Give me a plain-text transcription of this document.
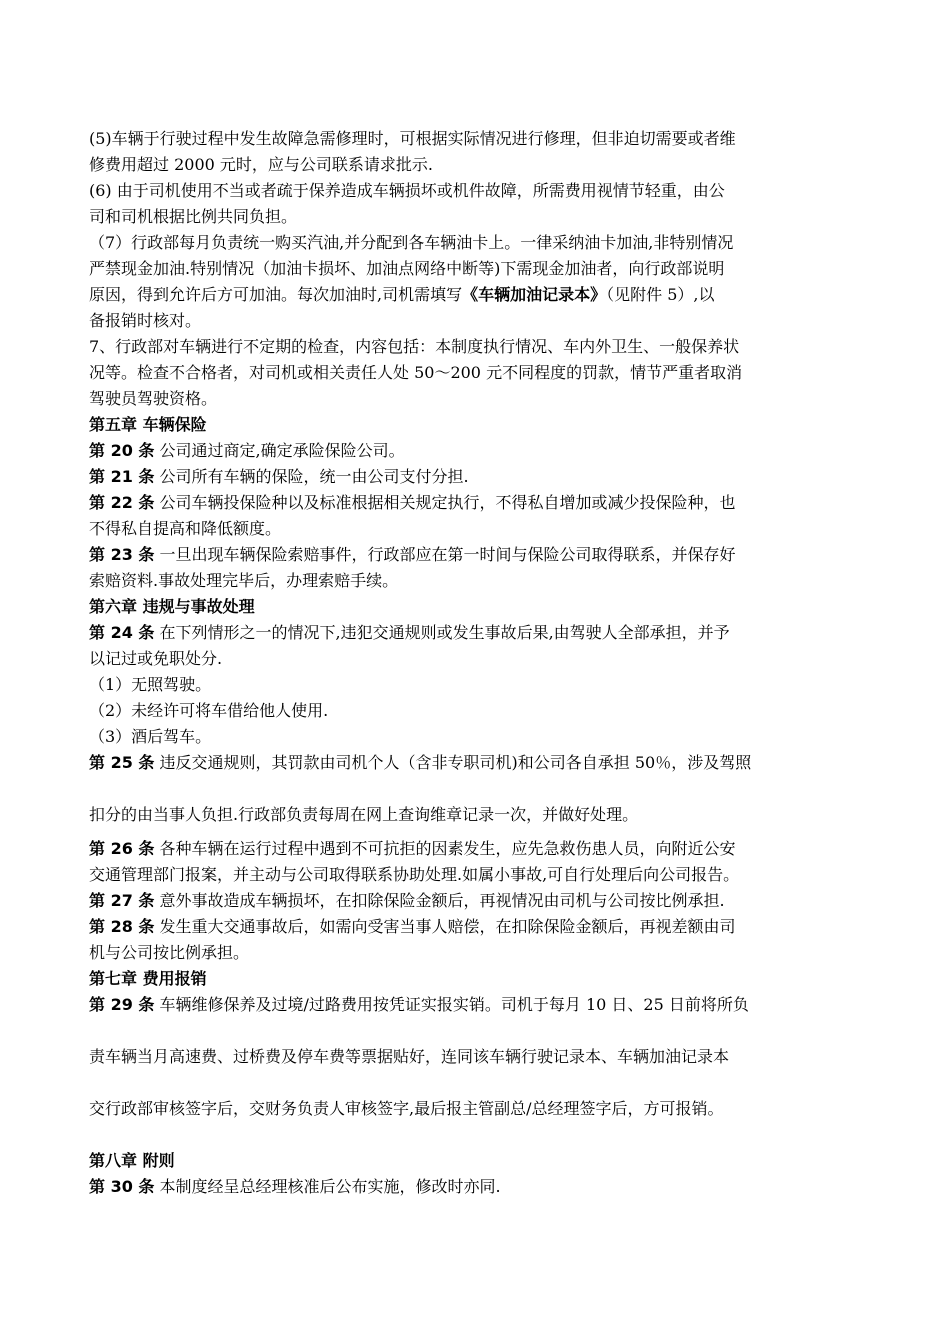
(5)车辆于行驶过程中发生故障急需修理时，可根据实际情况进行修理，但非迫切需要或者维
修费用超过 2000 元时，应与公司联系请求批示.
(6) 由于司机使用不当或者疏于保养造成车辆损坏或机件故障，所需费用视情节轻重，由公
司和司机根据比例共同负担。
（7）行政部每月负责统一购买汽油,并分配到各车辆油卡上。一律采纳油卡加油,非特别情况
严禁现金加油.特别情况（加油卡损坏、加油点网络中断等)下需现金加油者，向行政部说明
原因，得到允许后方可加油。每次加油时,司机需填写《车辆加油记录本》（见附件 5）,以
备报销时核对。
7、行政部对车辆进行不定期的检查，内容包括：本制度执行情况、车内外卫生、一般保养状
况等。检查不合格者，对司机或相关责任人处 50～200 元不同程度的罚款，情节严重者取消
驾驶员驾驶资格。
第五章 车辆保险
第 20 条 公司通过商定,确定承险保险公司。
第 21 条 公司所有车辆的保险，统一由公司支付分担.
第 22 条 公司车辆投保险种以及标准根据相关规定执行，不得私自增加或减少投保险种，也
不得私自提高和降低额度。
第 23 条 一旦出现车辆保险索赔事件，行政部应在第一时间与保险公司取得联系，并保存好
索赔资料.事故处理完毕后，办理索赔手续。
第六章 违规与事故处理
第 24 条 在下列情形之一的情况下,违犯交通规则或发生事故后果,由驾驶人全部承担，并予
以记过或免职处分.
（1）无照驾驶。
（2）未经许可将车借给他人使用.
（3）酒后驾车。
第 25 条 违反交通规则，其罚款由司机个人（含非专职司机)和公司各自承担 50％，涉及驾照
扣分的由当事人负担.行政部负责每周在网上查询维章记录一次，并做好处理。
第 26 条 各种车辆在运行过程中遇到不可抗拒的因素发生，应先急救伤患人员，向附近公安
交通管理部门报案，并主动与公司取得联系协助处理.如属小事故,可自行处理后向公司报告。
第 27 条 意外事故造成车辆损坏，在扣除保险金额后，再视情况由司机与公司按比例承担.
第 28 条 发生重大交通事故后，如需向受害当事人赔偿，在扣除保险金额后，再视差额由司
机与公司按比例承担。
第七章 费用报销
第 29 条 车辆维修保养及过境/过路费用按凭证实报实销。司机于每月 10 日、25 日前将所负
责车辆当月高速费、过桥费及停车费等票据贴好，连同该车辆行驶记录本、车辆加油记录本
交行政部审核签字后，交财务负责人审核签字,最后报主管副总/总经理签字后，方可报销。
第八章 附则
第 30 条 本制度经呈总经理核准后公布实施，修改时亦同.
